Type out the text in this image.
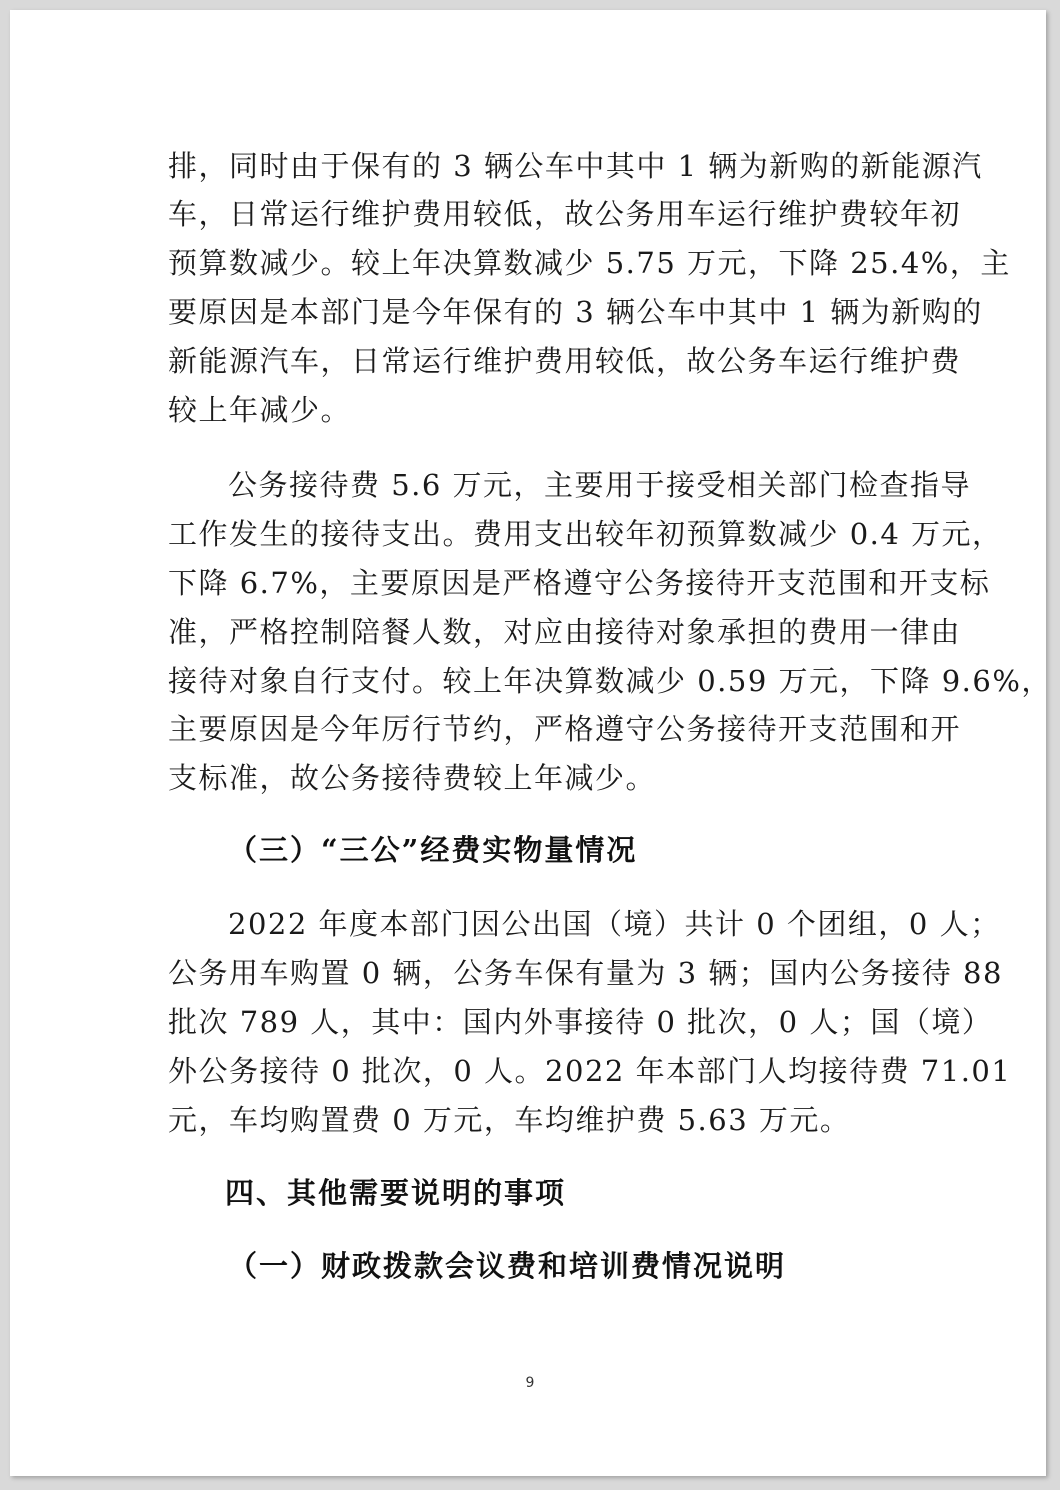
排，同时由于保有的 3 辆公车中其中 1 辆为新购的新能源汽
车，日常运行维护费用较低，故公务用车运行维护费较年初
预算数减少。较上年决算数减少 5.75 万元，下降 25.4%，主
要原因是本部门是今年保有的 3 辆公车中其中 1 辆为新购的
新能源汽车，日常运行维护费用较低，故公务车运行维护费
较上年减少。
公务接待费 5.6 万元，主要用于接受相关部门检查指导
工作发生的接待支出。费用支出较年初预算数减少 0.4 万元，
下降 6.7%，主要原因是严格遵守公务接待开支范围和开支标
准，严格控制陪餐人数，对应由接待对象承担的费用一律由
接待对象自行支付。较上年决算数减少 0.59 万元，下降 9.6%，
主要原因是今年厉行节约，严格遵守公务接待开支范围和开
支标准，故公务接待费较上年减少。
（三）“三公”经费实物量情况
2022 年度本部门因公出国（境）共计 0 个团组，0 人；
公务用车购置 0 辆，公务车保有量为 3 辆；国内公务接待 88
批次 789 人，其中：国内外事接待 0 批次，0 人；国（境）
外公务接待 0 批次，0 人。2022 年本部门人均接待费 71.01
元，车均购置费 0 万元，车均维护费 5.63 万元。
四、其他需要说明的事项
（一）财政拨款会议费和培训费情况说明
9
